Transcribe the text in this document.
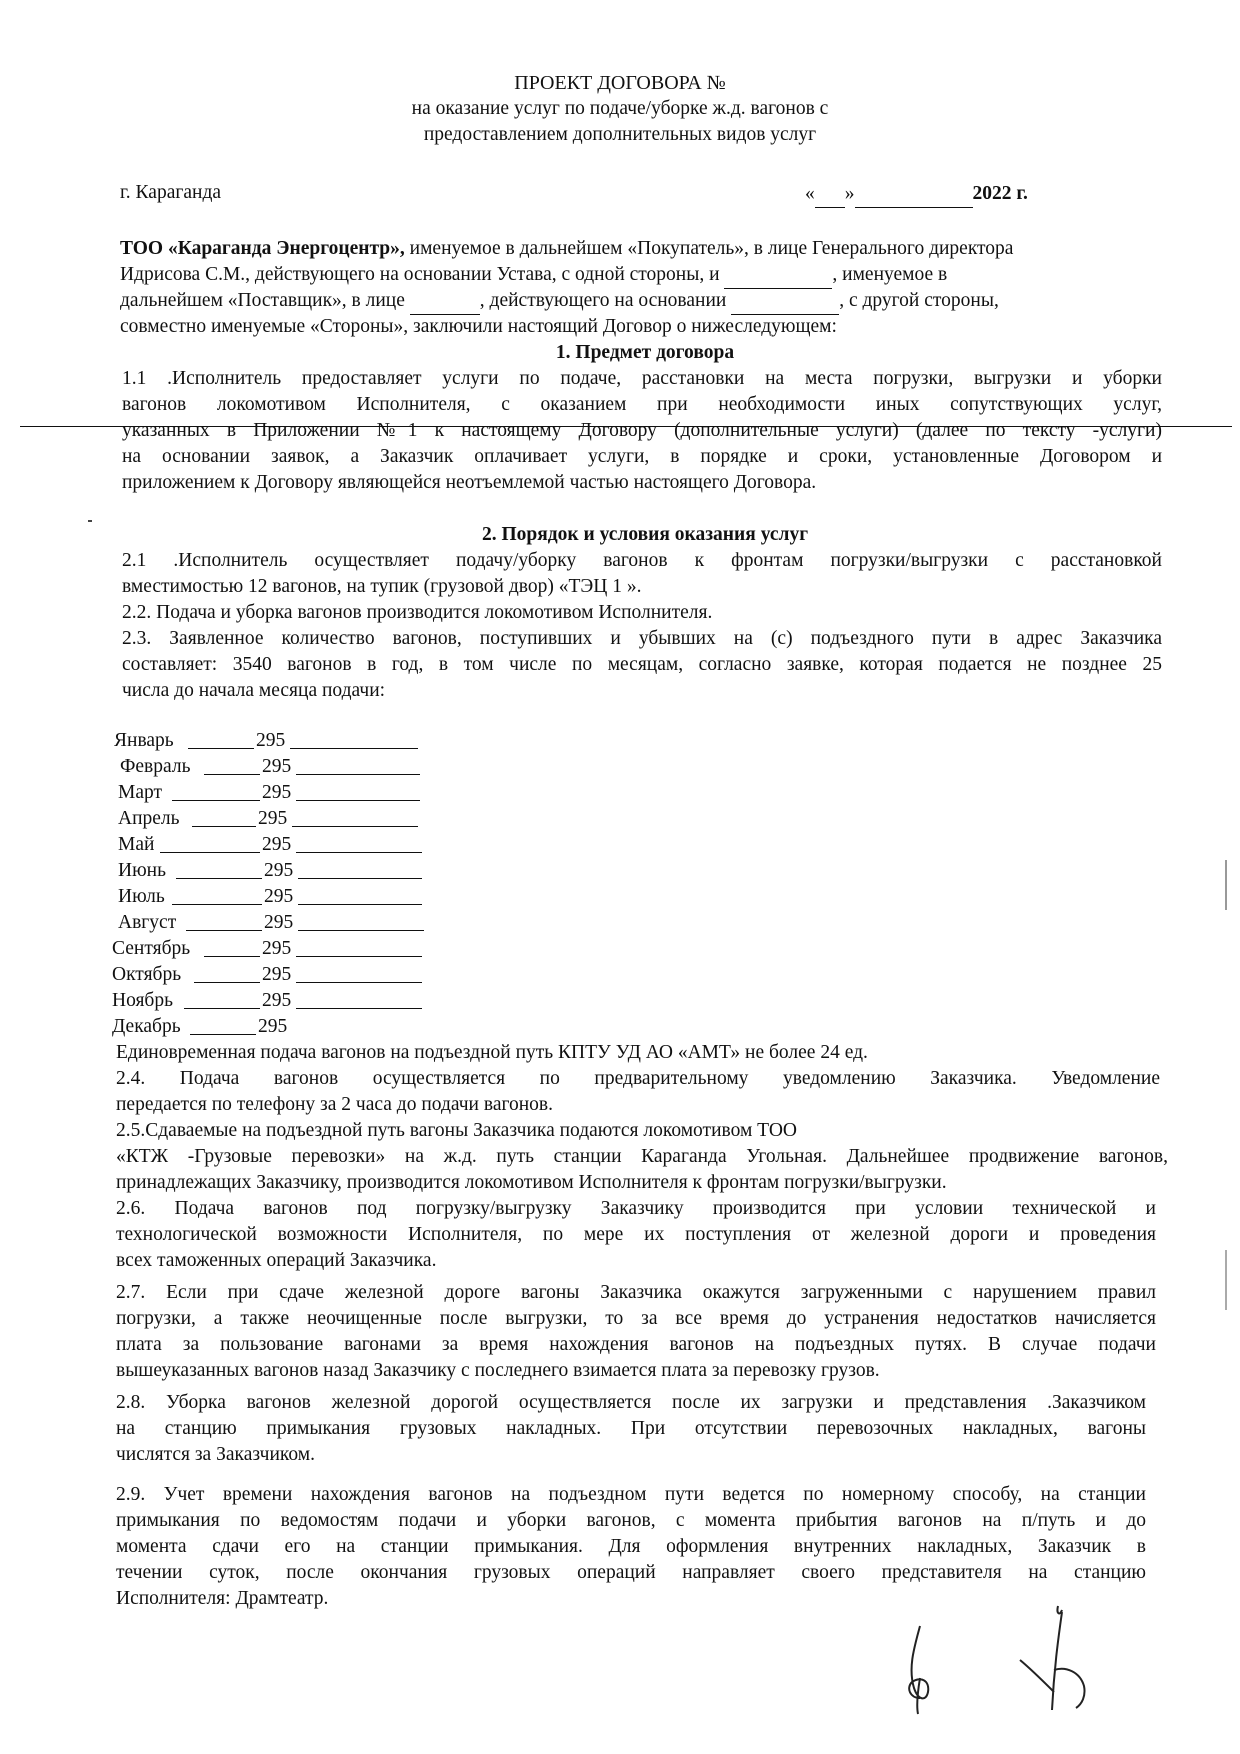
ПРОЕКТ ДОГОВОРА №
на оказание услуг по подаче/уборке ж.д. вагонов с
предоставлением дополнительных видов услуг
г. Караганда	« »	2022 г.
ТОО «Караганда Энергоцентр», именуемое в дальнейшем «Покупатель», в лице Генерального директора
Идрисова С.М., действующего на основании Устава, с одной стороны, и	, именуемое в
дальнейшем «Поставщик», в лице	, действующего на основании	, с другой стороны,
совместно именуемые «Стороны», заключили настоящий Договор о нижеследующем:
1. Предмет договора
1.1 .Исполнитель предоставляет услуги по подаче, расстановки на места погрузки, выгрузки и уборки
вагонов локомотивом Исполнителя, с оказанием при необходимости иных сопутствующих услуг,
указанных в Приложении №1 к настоящему Договору (дополнительные услуги) (далее по тексту -услуги)
на основании заявок, а Заказчик оплачивает услуги, в порядке и сроки, установленные Договором и
приложением к Договору являющейся неотъемлемой частью настоящего Договора.
2. Порядок и условия оказания услуг
2.1 .Исполнитель осуществляет подачу/уборку вагонов к фронтам погрузки/выгрузки с расстановкой
вместимостью 12 вагонов, на тупик (грузовой двор) «ТЭЦ 1 ».
2.2. Подача и уборка вагонов производится локомотивом Исполнителя.
2.3. Заявленное количество вагонов, поступивших и убывших на (с) подъездного пути в адрес Заказчика
составляет: 3540 вагонов в год, в том числе по месяцам, согласно заявке, которая подается не позднее 25
числа до начала месяца подачи:
Январь	295
Февраль	295
Март	295
Апрель	295
Май	295
Июнь	295
Июль	295
Август	295
Сентябрь	295
Октябрь	295
Ноябрь	295
Декабрь	295
Единовременная подача вагонов на подъездной путь КПТУ УД АО «АМТ» не более 24 ед.
2.4. Подача вагонов осуществляется по предварительному уведомлению Заказчика. Уведомление
передается по телефону за 2 часа до подачи вагонов.
2.5.Сдаваемые на подъездной путь вагоны Заказчика подаются локомотивом ТОО
«КТЖ -Грузовые перевозки» на ж.д. путь станции Караганда Угольная. Дальнейшее продвижение вагонов,
принадлежащих Заказчику, производится локомотивом Исполнителя к фронтам погрузки/выгрузки.
2.6. Подача вагонов под погрузку/выгрузку Заказчику производится при условии технической и
технологической возможности Исполнителя, по мере их поступления от железной дороги и проведения
всех таможенных операций Заказчика.
2.7. Если при сдаче железной дороге вагоны Заказчика окажутся загруженными с нарушением правил
погрузки, а также неочищенные после выгрузки, то за все время до устранения недостатков начисляется
плата за пользование вагонами за время нахождения вагонов на подъездных путях. В случае подачи
вышеуказанных вагонов назад Заказчику с последнего взимается плата за перевозку грузов.
2.8. Уборка вагонов железной дорогой осуществляется после их загрузки и представления .Заказчиком
на станцию примыкания грузовых накладных. При отсутствии перевозочных накладных, вагоны
числятся за Заказчиком.
2.9. Учет времени нахождения вагонов на подъездном пути ведется по номерному способу, на станции
примыкания по ведомостям подачи и уборки вагонов, с момента прибытия вагонов на п/путь и до
момента сдачи его на станции примыкания. Для оформления внутренних накладных, Заказчик в
течении суток, после окончания грузовых операций направляет своего представителя на станцию
Исполнителя: Драмтеатр.
